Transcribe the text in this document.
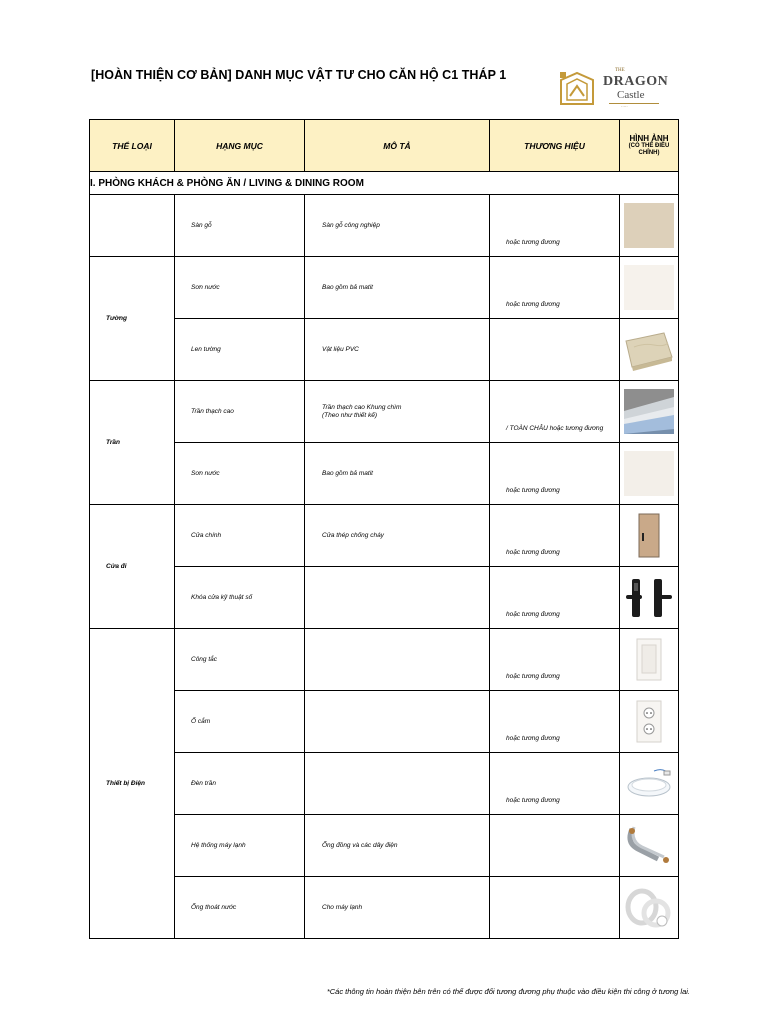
[HOÀN THIỆN CƠ BẢN] DANH MỤC VẬT TƯ CHO CĂN HỘ C1 THÁP 1	THE
DRAGON
Castle
·····
THỂ LOẠI	HẠNG MỤC	MÔ TẢ	THƯƠNG HIỆU	HÌNH ẢNH
(CÓ THỂ ĐIỀU CHỈNH)

I. PHÒNG KHÁCH & PHÒNG ĂN / LIVING & DINING ROOM				
	Sàn gỗ	Sàn gỗ công nghiệp	hoặc tương đương	

Tường	Sơn nước	Bao gồm bả matit	hoặc tương đương	

	Len tường	Vật liệu PVC		

Trần	Trần thạch cao	Trần thạch cao Khung chìm
(Theo như thiết kế)	/ TOÀN CHÂU hoặc tương đương	

	Sơn nước	Bao gồm bả matit	hoặc tương đương	

Cửa đi	Cửa chính	Cửa thép chống cháy	hoặc tương đương	

	Khóa cửa kỹ thuật số		hoặc tương đương	

Thiết bị Điện	Công tắc		hoặc tương đương	

	Ổ cắm		hoặc tương đương	

	Đèn trần		hoặc tương đương	

	Hệ thống máy lạnh	Ống đồng và các dây điện		

	Ống thoát nước	Cho máy lạnh		
*Các thông tin hoàn thiện bên trên có thể được đổi tương đương phụ thuộc vào điều kiện thi công ở tương lai.
